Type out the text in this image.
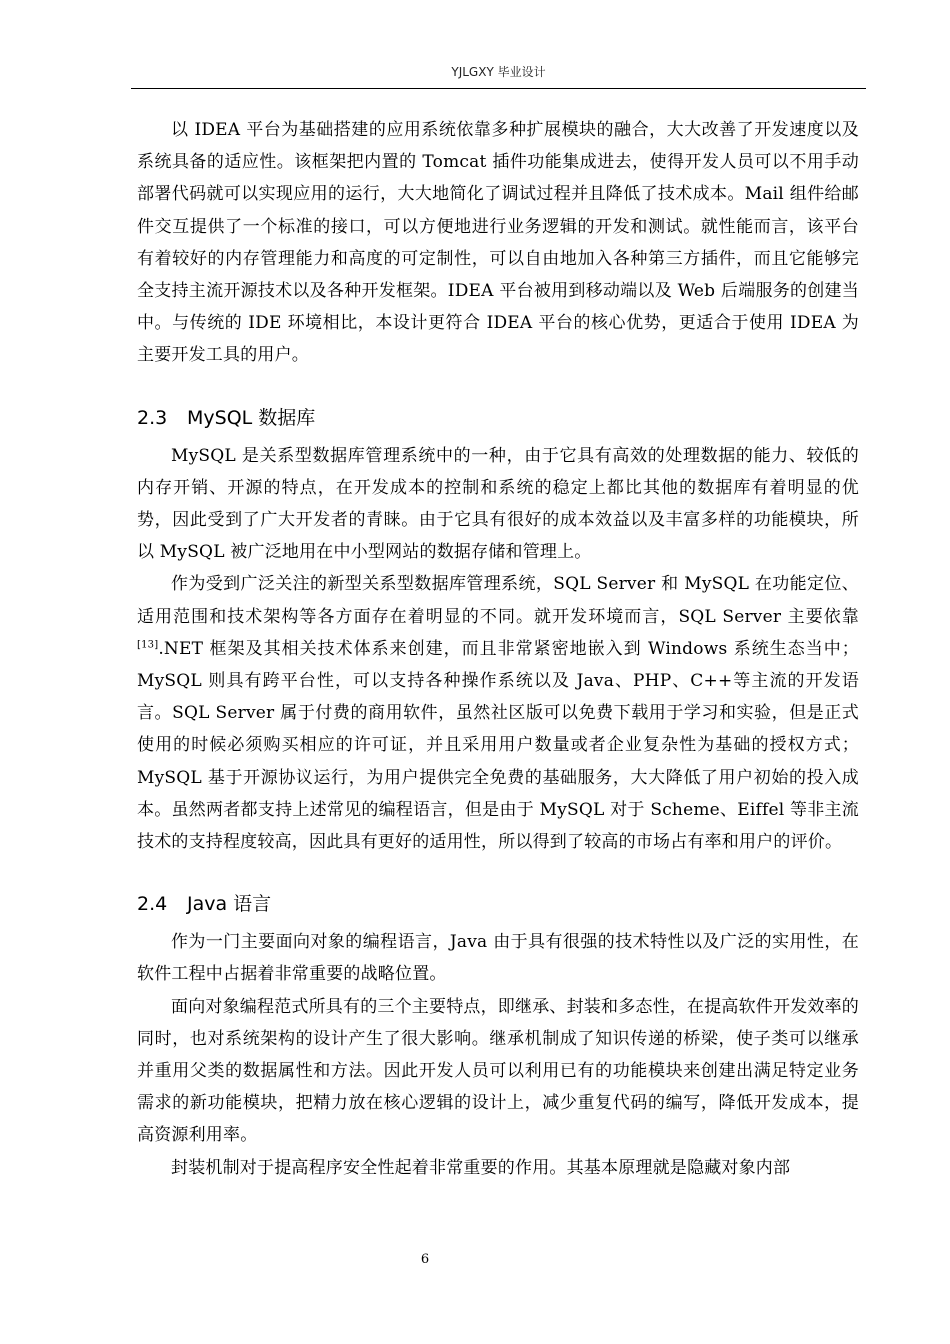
YJLGXY 毕业设计

以 IDEA 平台为基础搭建的应用系统依靠多种扩展模块的融合，大大改善了开发速度以及系统具备的适应性。该框架把内置的 Tomcat 插件功能集成进去，使得开发人员可以不用手动部署代码就可以实现应用的运行，大大地简化了调试过程并且降低了技术成本。Mail 组件给邮件交互提供了一个标准的接口，可以方便地进行业务逻辑的开发和测试。就性能而言，该平台有着较好的内存管理能力和高度的可定制性，可以自由地加入各种第三方插件，而且它能够完全支持主流开源技术以及各种开发框架。IDEA 平台被用到移动端以及 Web 后端服务的创建当中。与传统的 IDE 环境相比，本设计更符合 IDEA 平台的核心优势，更适合于使用 IDEA 为主要开发工具的用户。

2.3 MySQL 数据库

MySQL 是关系型数据库管理系统中的一种，由于它具有高效的处理数据的能力、较低的内存开销、开源的特点，在开发成本的控制和系统的稳定上都比其他的数据库有着明显的优势，因此受到了广大开发者的青睐。由于它具有很好的成本效益以及丰富多样的功能模块，所以 MySQL 被广泛地用在中小型网站的数据存储和管理上。

作为受到广泛关注的新型关系型数据库管理系统，SQL Server 和 MySQL 在功能定位、适用范围和技术架构等各方面存在着明显的不同。就开发环境而言，SQL Server 主要依靠[13].NET 框架及其相关技术体系来创建，而且非常紧密地嵌入到 Windows 系统生态当中；MySQL 则具有跨平台性，可以支持各种操作系统以及 Java、PHP、C++等主流的开发语言。SQL Server 属于付费的商用软件，虽然社区版可以免费下载用于学习和实验，但是正式使用的时候必须购买相应的许可证，并且采用用户数量或者企业复杂性为基础的授权方式；MySQL 基于开源协议运行，为用户提供完全免费的基础服务，大大降低了用户初始的投入成本。虽然两者都支持上述常见的编程语言，但是由于 MySQL 对于 Scheme、Eiffel 等非主流技术的支持程度较高，因此具有更好的适用性，所以得到了较高的市场占有率和用户的评价。

2.4 Java 语言

作为一门主要面向对象的编程语言，Java 由于具有很强的技术特性以及广泛的实用性，在软件工程中占据着非常重要的战略位置。

面向对象编程范式所具有的三个主要特点，即继承、封装和多态性，在提高软件开发效率的同时，也对系统架构的设计产生了很大影响。继承机制成了知识传递的桥梁，使子类可以继承并重用父类的数据属性和方法。因此开发人员可以利用已有的功能模块来创建出满足特定业务需求的新功能模块，把精力放在核心逻辑的设计上，减少重复代码的编写，降低开发成本，提高资源利用率。

封装机制对于提高程序安全性起着非常重要的作用。其基本原理就是隐藏对象内部

6
